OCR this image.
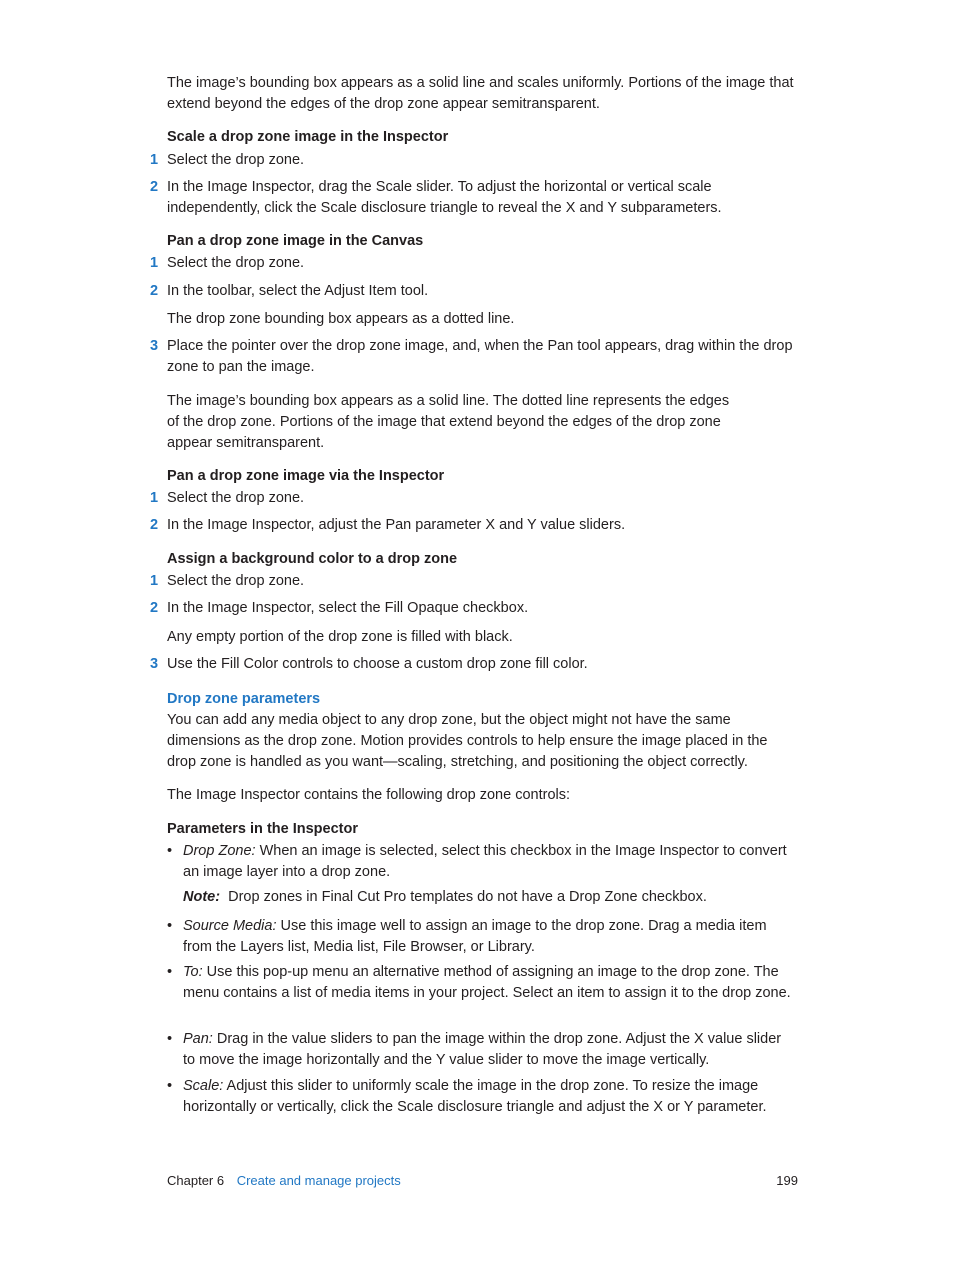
The image’s bounding box appears as a solid line and scales uniformly. Portions of the image that extend beyond the edges of the drop zone appear semitransparent.
Scale a drop zone image in the Inspector
1 Select the drop zone.
2 In the Image Inspector, drag the Scale slider. To adjust the horizontal or vertical scale independently, click the Scale disclosure triangle to reveal the X and Y subparameters.
Pan a drop zone image in the Canvas
1 Select the drop zone.
2 In the toolbar, select the Adjust Item tool.
The drop zone bounding box appears as a dotted line.
3 Place the pointer over the drop zone image, and, when the Pan tool appears, drag within the drop zone to pan the image.
The image’s bounding box appears as a solid line. The dotted line represents the edges of the drop zone. Portions of the image that extend beyond the edges of the drop zone appear semitransparent.
Pan a drop zone image via the Inspector
1 Select the drop zone.
2 In the Image Inspector, adjust the Pan parameter X and Y value sliders.
Assign a background color to a drop zone
1 Select the drop zone.
2 In the Image Inspector, select the Fill Opaque checkbox.
Any empty portion of the drop zone is filled with black.
3 Use the Fill Color controls to choose a custom drop zone fill color.
Drop zone parameters
You can add any media object to any drop zone, but the object might not have the same dimensions as the drop zone. Motion provides controls to help ensure the image placed in the drop zone is handled as you want—scaling, stretching, and positioning the object correctly.
The Image Inspector contains the following drop zone controls:
Parameters in the Inspector
• Drop Zone: When an image is selected, select this checkbox in the Image Inspector to convert an image layer into a drop zone.
Note:  Drop zones in Final Cut Pro templates do not have a Drop Zone checkbox.
• Source Media: Use this image well to assign an image to the drop zone. Drag a media item from the Layers list, Media list, File Browser, or Library.
• To: Use this pop-up menu an alternative method of assigning an image to the drop zone. The menu contains a list of media items in your project. Select an item to assign it to the drop zone.
• Pan: Drag in the value sliders to pan the image within the drop zone. Adjust the X value slider to move the image horizontally and the Y value slider to move the image vertically.
• Scale: Adjust this slider to uniformly scale the image in the drop zone. To resize the image horizontally or vertically, click the Scale disclosure triangle and adjust the X or Y parameter.
Chapter 6 Create and manage projects	199
